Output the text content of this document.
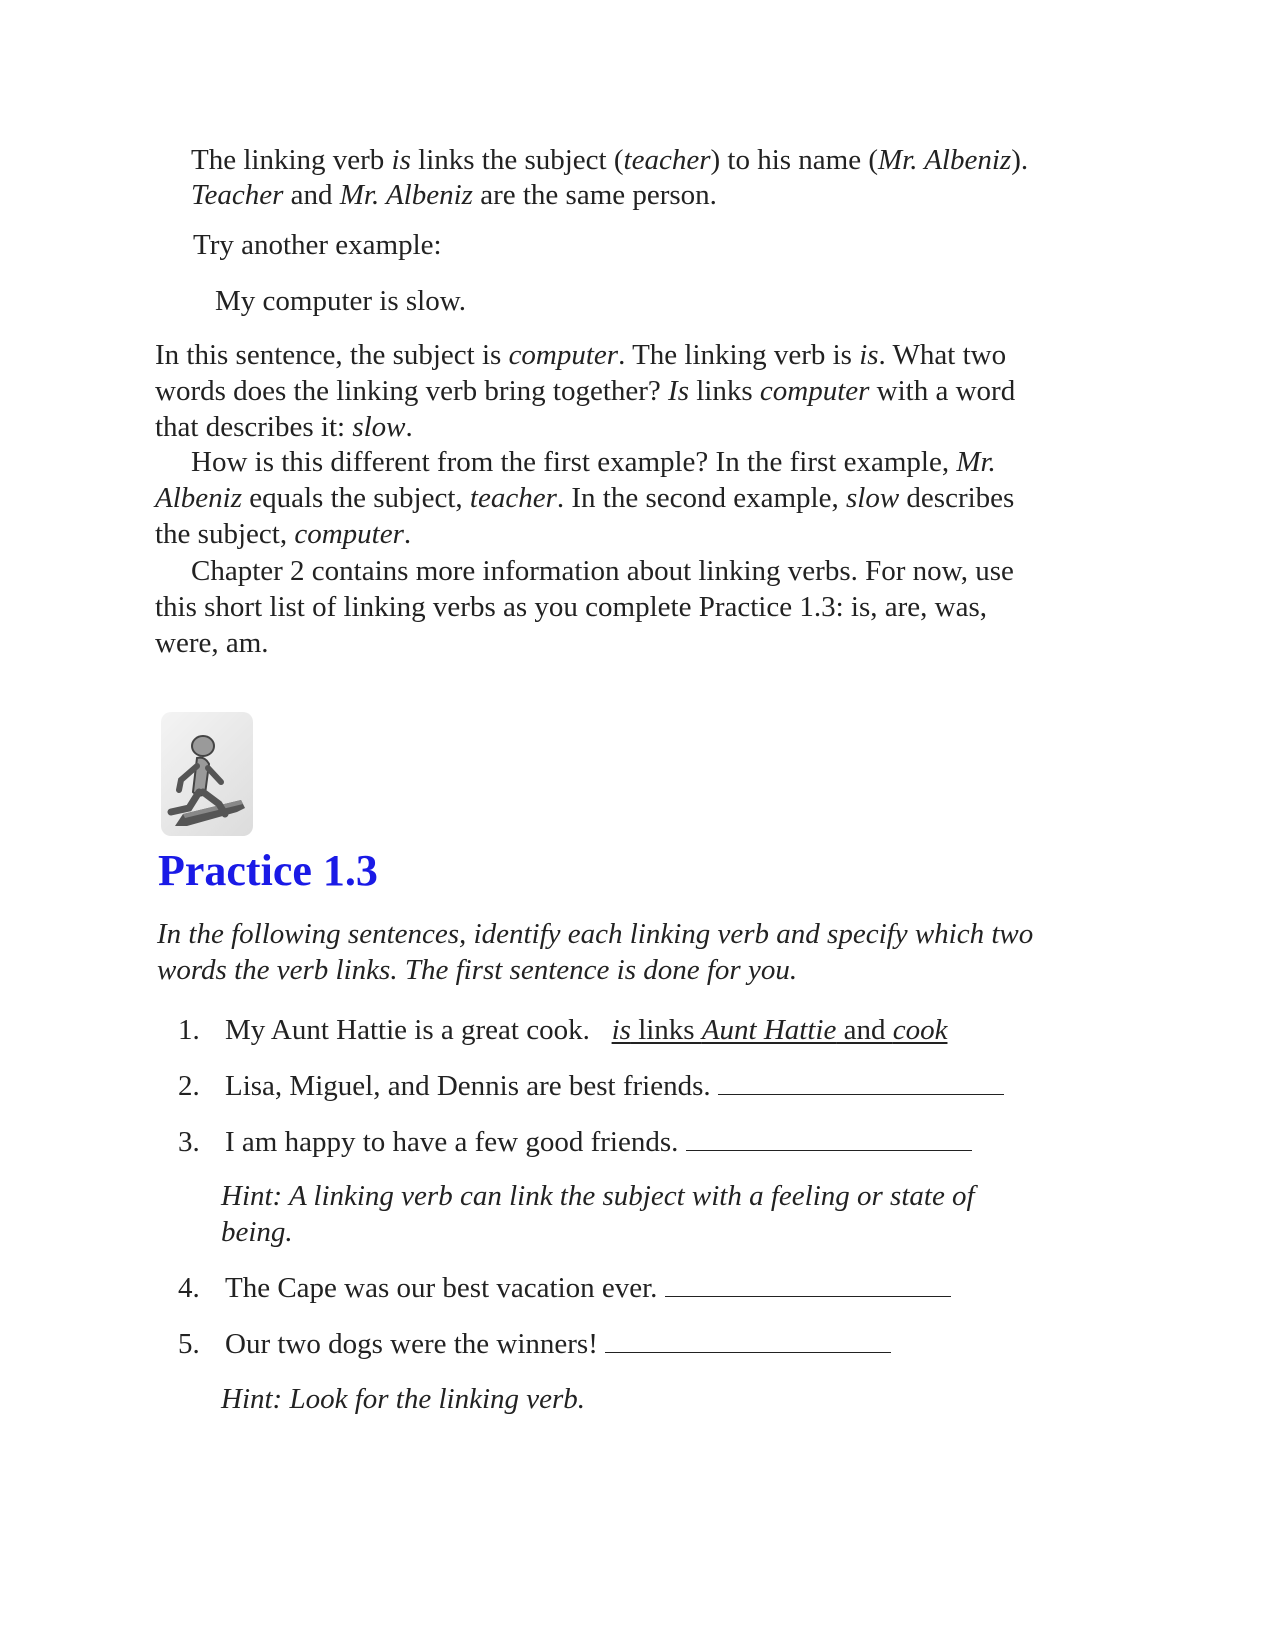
The linking verb is links the subject (teacher) to his name (Mr. Albeniz).

Teacher and Mr. Albeniz are the same person.

Try another example:

My computer is slow.

In this sentence, the subject is computer. The linking verb is is. What two
words does the linking verb bring together? Is links computer with a word
that describes it: slow.
How is this different from the first example? In the first example, Mr.
Albeniz equals the subject, teacher. In the second example, slow describes
the subject, computer.
Chapter 2 contains more information about linking verbs. For now, use
this short list of linking verbs as you complete Practice 1.3: is, are, was,
were, am.
Practice 1.3
In the following sentences, identify each linking verb and specify which two
words the verb links. The first sentence is done for you.
1. My Aunt Hattie is a great cook. is links Aunt Hattie and cook
2. Lisa, Miguel, and Dennis are best friends.
3. I am happy to have a few good friends.
Hint: A linking verb can link the subject with a feeling or state of
being.
4. The Cape was our best vacation ever.
5. Our two dogs were the winners!

Hint: Look for the linking verb.
